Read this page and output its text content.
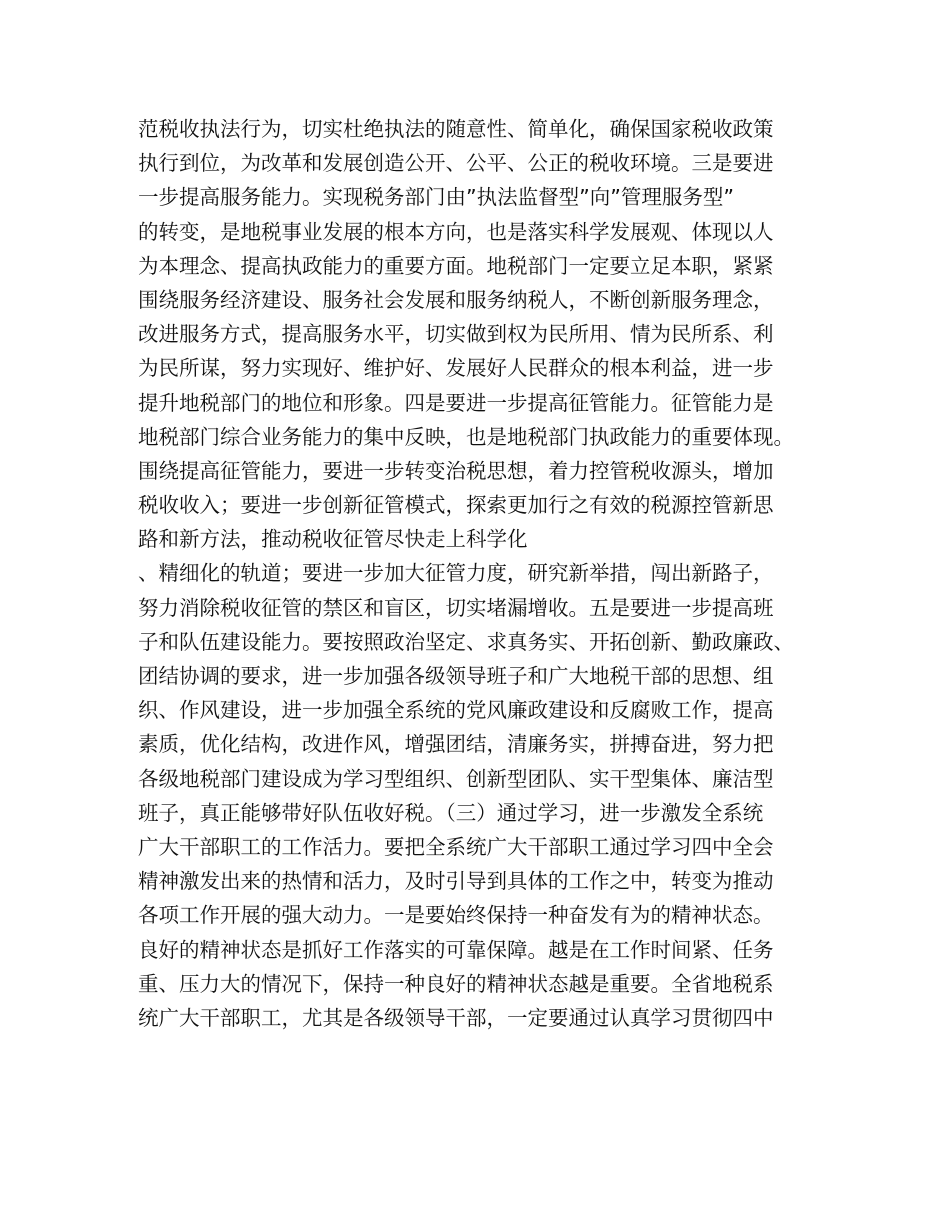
范税收执法行为，切实杜绝执法的随意性、简单化，确保国家税收政策
执行到位，为改革和发展创造公开、公平、公正的税收环境。三是要进
一步提高服务能力。实现税务部门由”执法监督型”向”管理服务型”
的转变，是地税事业发展的根本方向，也是落实科学发展观、体现以人
为本理念、提高执政能力的重要方面。地税部门一定要立足本职，紧紧
围绕服务经济建设、服务社会发展和服务纳税人，不断创新服务理念，
改进服务方式，提高服务水平，切实做到权为民所用、情为民所系、利
为民所谋，努力实现好、维护好、发展好人民群众的根本利益，进一步
提升地税部门的地位和形象。四是要进一步提高征管能力。征管能力是
地税部门综合业务能力的集中反映，也是地税部门执政能力的重要体现。
围绕提高征管能力，要进一步转变治税思想，着力控管税收源头，增加
税收收入；要进一步创新征管模式，探索更加行之有效的税源控管新思
路和新方法，推动税收征管尽快走上科学化
、精细化的轨道；要进一步加大征管力度，研究新举措，闯出新路子，
努力消除税收征管的禁区和盲区，切实堵漏增收。五是要进一步提高班
子和队伍建设能力。要按照政治坚定、求真务实、开拓创新、勤政廉政、
团结协调的要求，进一步加强各级领导班子和广大地税干部的思想、组
织、作风建设，进一步加强全系统的党风廉政建设和反腐败工作，提高
素质，优化结构，改进作风，增强团结，清廉务实，拼搏奋进，努力把
各级地税部门建设成为学习型组织、创新型团队、实干型集体、廉洁型
班子，真正能够带好队伍收好税。（三）通过学习，进一步激发全系统
广大干部职工的工作活力。要把全系统广大干部职工通过学习四中全会
精神激发出来的热情和活力，及时引导到具体的工作之中，转变为推动
各项工作开展的强大动力。一是要始终保持一种奋发有为的精神状态。
良好的精神状态是抓好工作落实的可靠保障。越是在工作时间紧、任务
重、压力大的情况下，保持一种良好的精神状态越是重要。全省地税系
统广大干部职工，尤其是各级领导干部，一定要通过认真学习贯彻四中
